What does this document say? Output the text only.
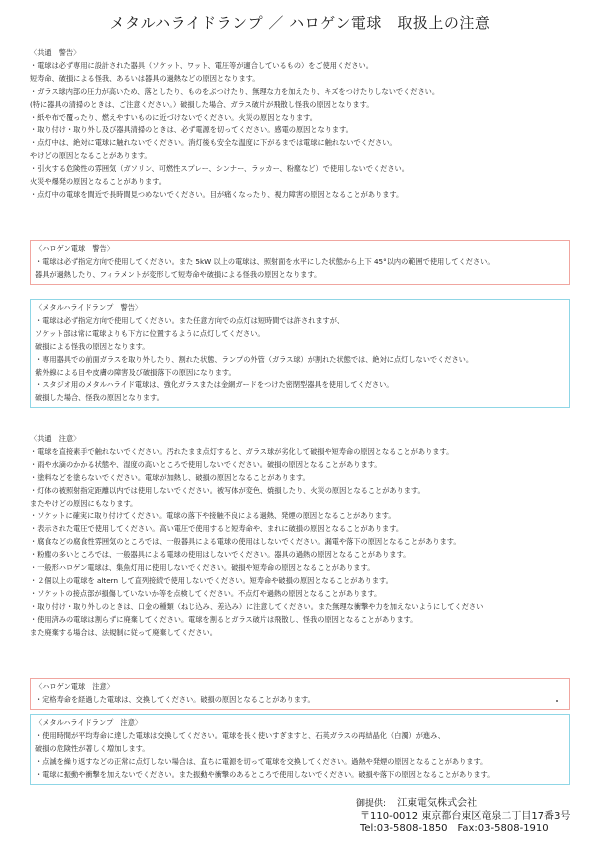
メタルハライドランプ ／ ハロゲン電球　取扱上の注意
〈共通　警告〉
・電球は必ず専用に設計された器具（ソケット、ワット、電圧等が適合しているもの）をご使用ください。
短寿命、破損による怪我、あるいは器具の過熱などの原因となります。
・ガラス球内部の圧力が高いため、落としたり、ものをぶつけたり、無理な力を加えたり、キズをつけたりしないでください。
(特に器具の清掃のときは、ご注意ください。）破損した場合、ガラス破片が飛散し怪我の原因となります。
・紙や布で覆ったり、燃えやすいものに近づけないでください。火災の原因となります。
・取り付け・取り外し及び器具清掃のときは、必ず電源を切ってください。感電の原因となります。
・点灯中は、絶対に電球に触れないでください。消灯後も安全な温度に下がるまでは電球に触れないでください。
やけどの原因となることがあります。
・引火する危険性の雰囲気（ガソリン、可燃性スプレー、シンナー、ラッカー、粉塵など）で使用しないでください。
火災や爆発の原因となることがあります。
・点灯中の電球を間近で長時間見つめないでください。目が痛くなったり、視力障害の原因となることがあります。
〈ハロゲン電球　警告〉
・電球は必ず指定方向で使用してください。また 5kW 以上の電球は、照射面を水平にした状態から上下 45°以内の範囲で使用してください。
器具が過熱したり、フィラメントが変形して短寿命や破損による怪我の原因となります。
〈メタルハライドランプ　警告〉
・電球は必ず指定方向で使用してください。また任意方向での点灯は短時間では許されますが、
ソケット部は常に電球よりも下方に位置するように点灯してください。
破損による怪我の原因となります。
・専用器具での前面ガラスを取り外したり、割れた状態、ランプの外管（ガラス球）が割れた状態では、絶対に点灯しないでください。
紫外線による目や皮膚の障害及び破損落下の原因になります。
・スタジオ用のメタルハライド電球は、強化ガラスまたは金網ガードをつけた密閉型器具を使用してください。
破損した場合、怪我の原因となります。
〈共通　注意〉
・電球を直接素手で触れないでください。汚れたまま点灯すると、ガラス球が劣化して破損や短寿命の原因となることがあります。
・雨や水滴のかかる状態や、湿度の高いところで使用しないでください。破損の原因となることがあります。
・塗料などを塗らないでください。電球が加熱し、破損の原因となることがあります。
・灯体の被照射指定距離以内では使用しないでください。被写体が変色、焼損したり、火災の原因となることがあります。
またやけどの原因にもなります。
・ソケットに確実に取り付けてください。電球の落下や接触不良による過熱、発煙の原因となることがあります。
・表示された電圧で使用してください。高い電圧で使用すると短寿命や、まれに破損の原因となることがあります。
・腐食などの腐食性雰囲気のところでは、一般器具による電球の使用はしないでください。漏電や落下の原因となることがあります。
・粉塵の多いところでは、一般器具による電球の使用はしないでください。器具の過熱の原因となることがあります。
・一般形ハロゲン電球は、集魚灯用に使用しないでください。破損や短寿命の原因となることがあります。
・２個以上の電球を altern して直列接続で使用しないでください。短寿命や破損の原因となることがあります。
・ソケットの接点部が損傷していないか等を点検してください。不点灯や過熱の原因となることがあります。
・取り付け・取り外しのときは、口金の種類（ねじ込み、差込み）に注意してください。また無理な衝撃や力を加えないようにしてください
・使用済みの電球は割らずに廃棄してください。電球を割るとガラス破片は飛散し、怪我の原因となることがあります。
また廃棄する場合は、法規制に従って廃棄してください。
〈ハロゲン電球　注意〉
・定格寿命を経過した電球は、交換してください。破損の原因となることがあります。
〈メタルハライドランプ　注意〉
・使用時間が平均寿命に達した電球は交換してください。電球を長く使いすぎますと、石英ガラスの再結晶化（白濁）が進み、
破損の危険性が著しく増加します。
・点滅を繰り返すなどの正常に点灯しない場合は、直ちに電源を切って電球を交換してください。過熱や発煙の原因となることがあります。
・電球に振動や衝撃を加えないでください。また振動や衝撃のあるところで使用しないでください。破損や落下の原因となることがあります。
御提供: 江東電気株式会社
〒110-0012 東京都台東区竜泉二丁目17番3号
Tel:03-5808-1850　Fax:03-5808-1910
